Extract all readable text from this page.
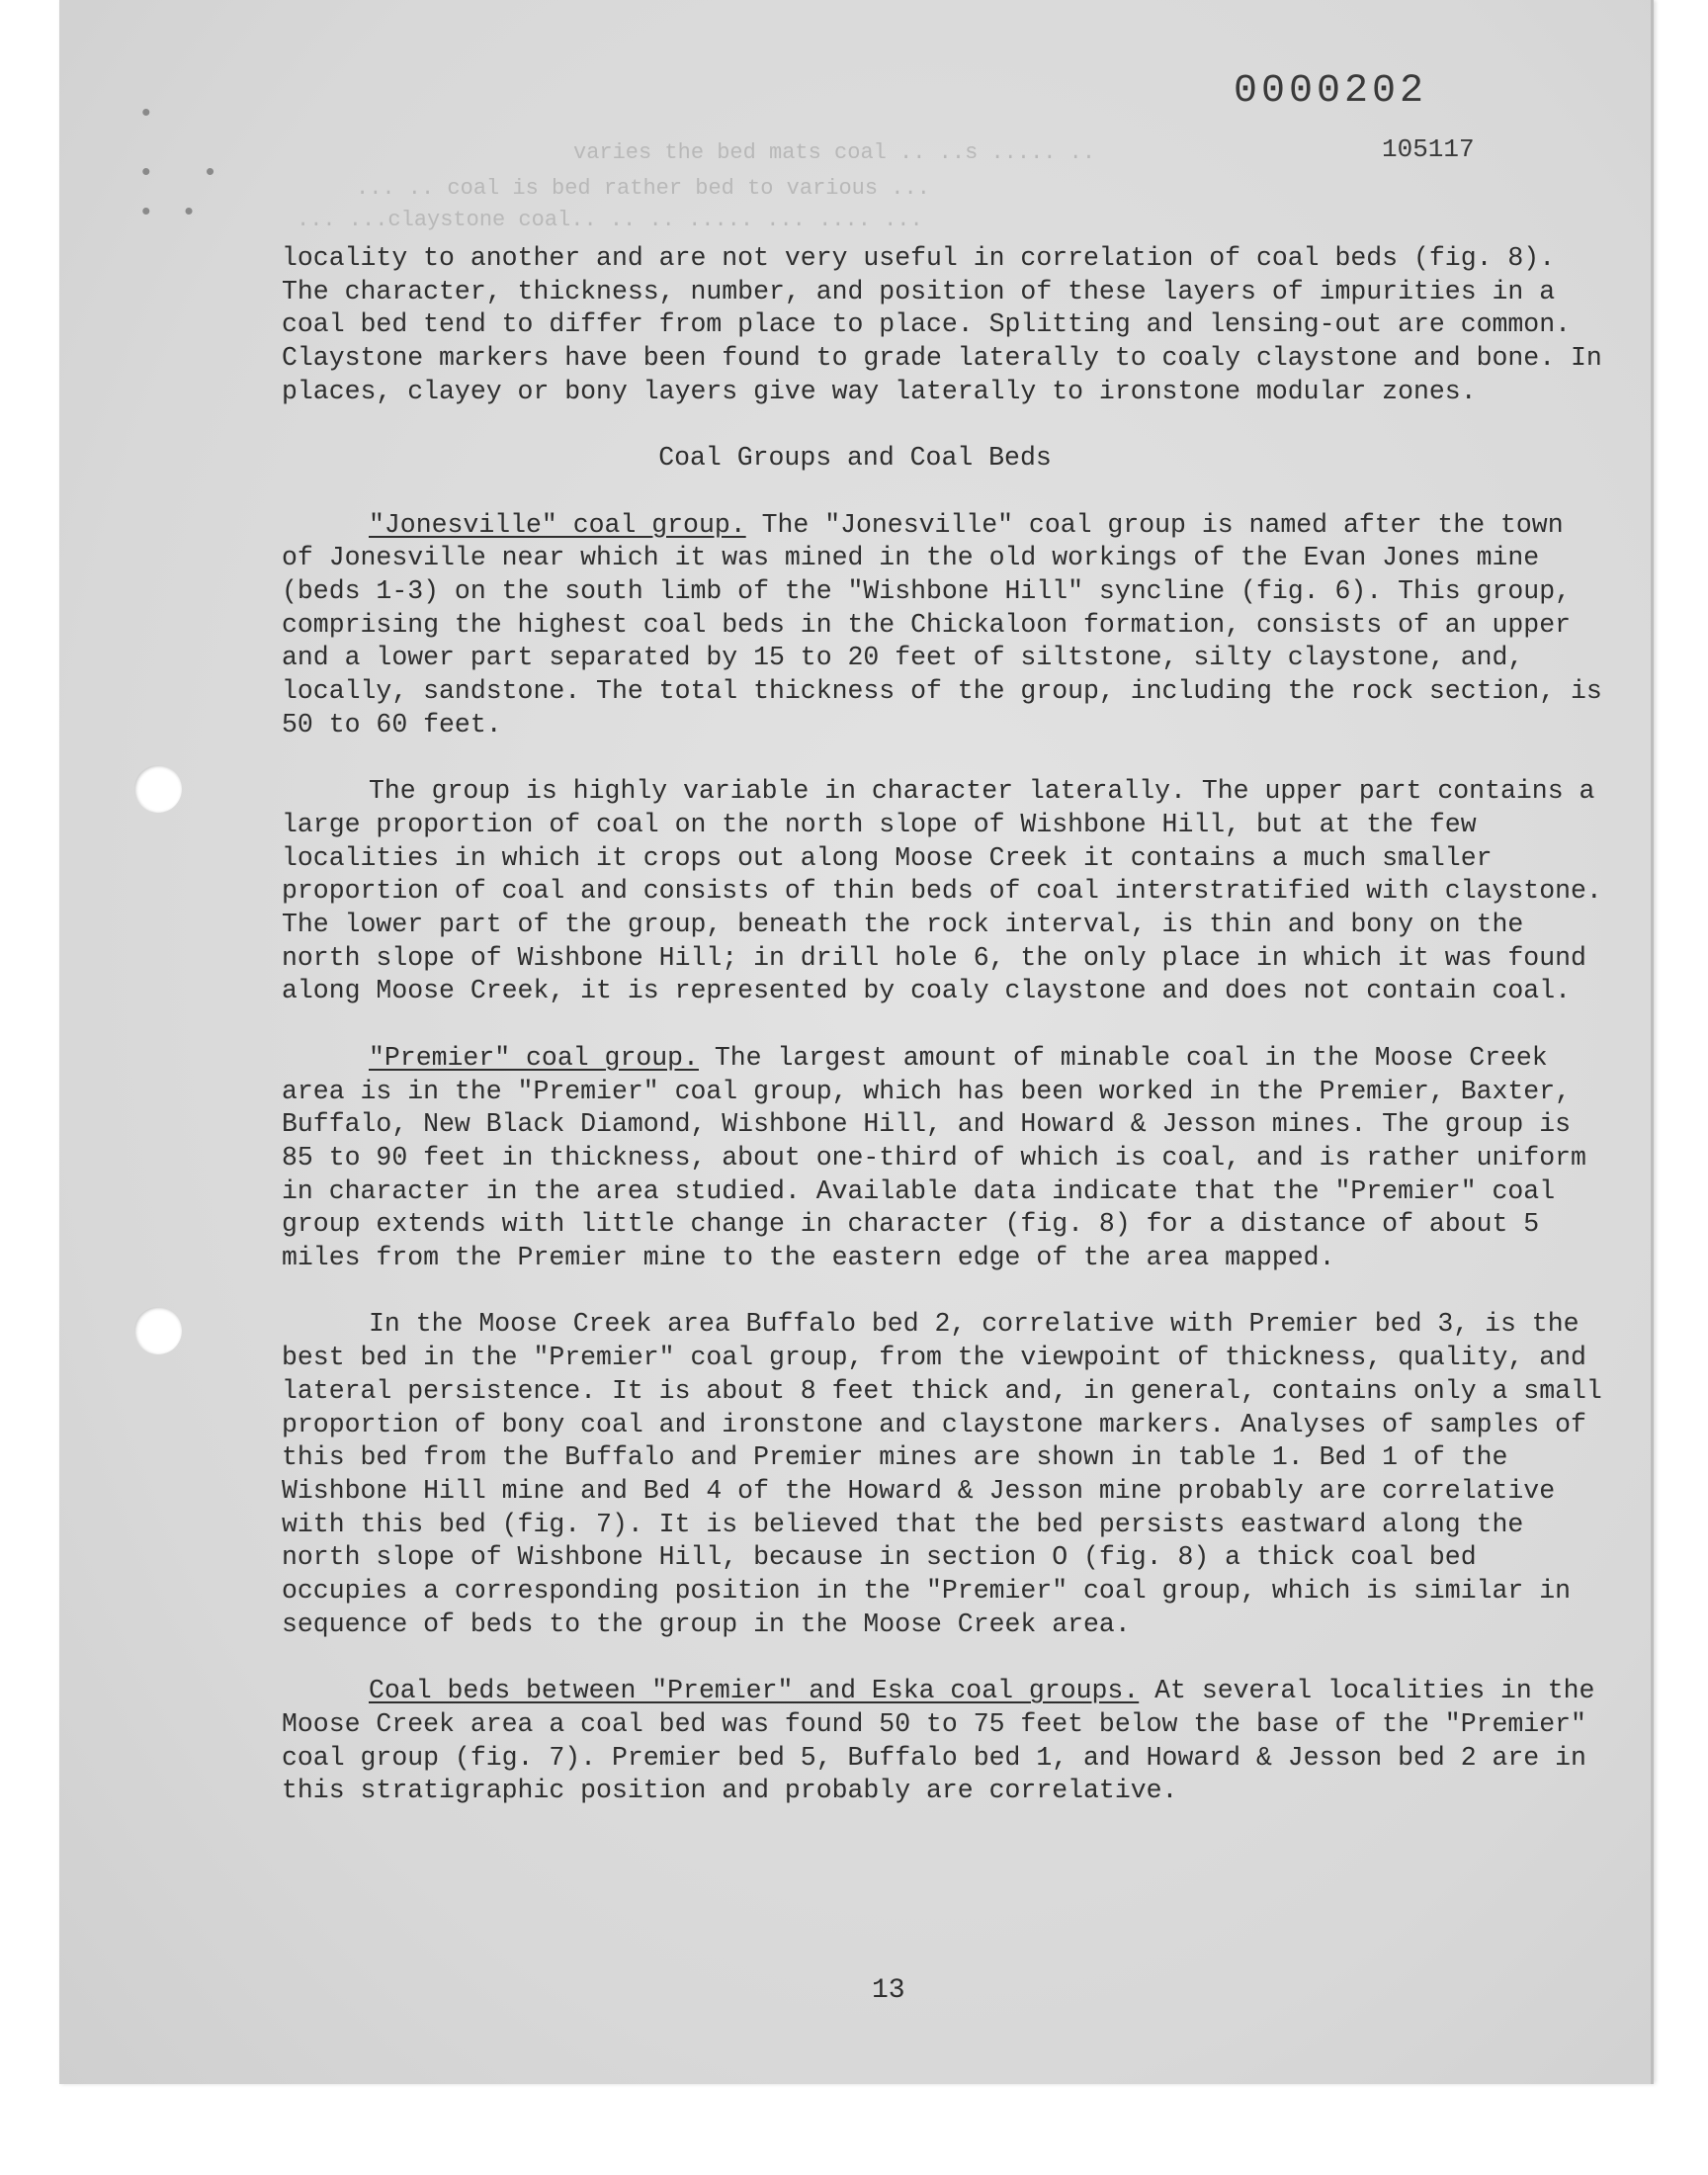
•
•  •
• •
0000202
105117
varies the bed mats coal .. ..s ..... ..
... .. coal is bed rather bed to various ...
... ...claystone coal.. .. .. ..... ... .... ...

locality to another and are not very useful in correlation of coal beds (fig. 8). The character, thickness, number, and position of these layers of impurities in a coal bed tend to differ from place to place. Splitting and lensing-out are common. Claystone markers have been found to grade laterally to coaly claystone and bone. In places, clayey or bony layers give way laterally to ironstone modular zones.

Coal Groups and Coal Beds

"Jonesville" coal group. The "Jonesville" coal group is named after the town of Jonesville near which it was mined in the old workings of the Evan Jones mine (beds 1-3) on the south limb of the "Wishbone Hill" syncline (fig. 6). This group, comprising the highest coal beds in the Chickaloon formation, consists of an upper and a lower part separated by 15 to 20 feet of siltstone, silty claystone, and, locally, sandstone. The total thickness of the group, including the rock section, is 50 to 60 feet.

The group is highly variable in character laterally. The upper part contains a large proportion of coal on the north slope of Wishbone Hill, but at the few localities in which it crops out along Moose Creek it contains a much smaller proportion of coal and consists of thin beds of coal interstratified with claystone. The lower part of the group, beneath the rock interval, is thin and bony on the north slope of Wishbone Hill; in drill hole 6, the only place in which it was found along Moose Creek, it is represented by coaly claystone and does not contain coal.

"Premier" coal group. The largest amount of minable coal in the Moose Creek area is in the "Premier" coal group, which has been worked in the Premier, Baxter, Buffalo, New Black Diamond, Wishbone Hill, and Howard & Jesson mines. The group is 85 to 90 feet in thickness, about one-third of which is coal, and is rather uniform in character in the area studied. Available data indicate that the "Premier" coal group extends with little change in character (fig. 8) for a distance of about 5 miles from the Premier mine to the eastern edge of the area mapped.

In the Moose Creek area Buffalo bed 2, correlative with Premier bed 3, is the best bed in the "Premier" coal group, from the viewpoint of thickness, quality, and lateral persistence. It is about 8 feet thick and, in general, contains only a small proportion of bony coal and ironstone and claystone markers. Analyses of samples of this bed from the Buffalo and Premier mines are shown in table 1. Bed 1 of the Wishbone Hill mine and Bed 4 of the Howard & Jesson mine probably are correlative with this bed (fig. 7). It is believed that the bed persists eastward along the north slope of Wishbone Hill, because in section O (fig. 8) a thick coal bed occupies a corresponding position in the "Premier" coal group, which is similar in sequence of beds to the group in the Moose Creek area.

Coal beds between "Premier" and Eska coal groups. At several localities in the Moose Creek area a coal bed was found 50 to 75 feet below the base of the "Premier" coal group (fig. 7). Premier bed 5, Buffalo bed 1, and Howard & Jesson bed 2 are in this stratigraphic position and probably are correlative.

13
